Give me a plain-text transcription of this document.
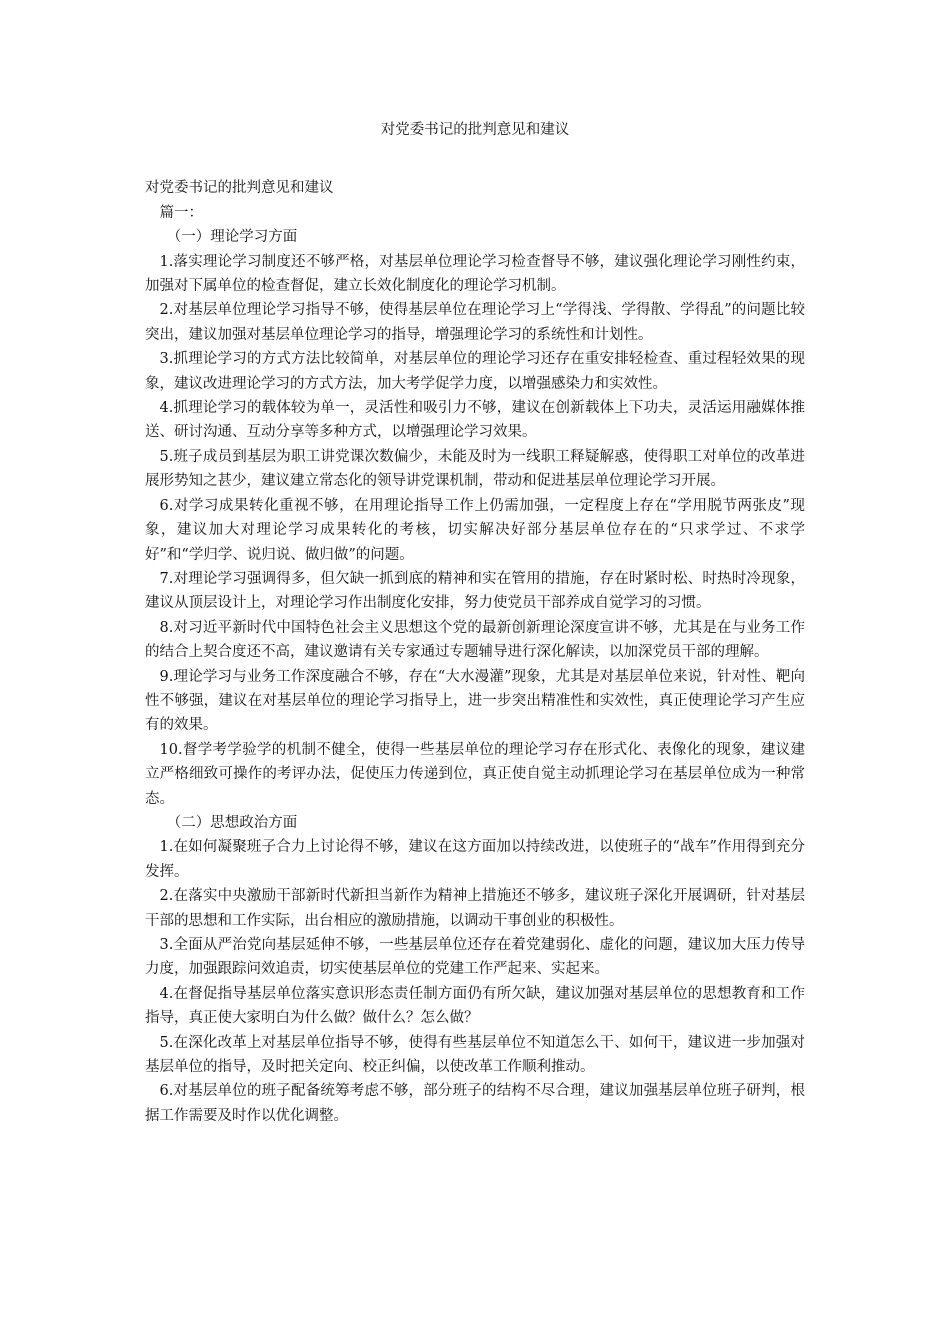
对党委书记的批判意见和建议

对党委书记的批判意见和建议

篇一：

（一）理论学习方面

1.落实理论学习制度还不够严格，对基层单位理论学习检查督导不够，建议强化理论学习刚性约束，加强对下属单位的检查督促，建立长效化制度化的理论学习机制。

2.对基层单位理论学习指导不够，使得基层单位在理论学习上“学得浅、学得散、学得乱”的问题比较突出，建议加强对基层单位理论学习的指导，增强理论学习的系统性和计划性。

3.抓理论学习的方式方法比较简单，对基层单位的理论学习还存在重安排轻检查、重过程轻效果的现象，建议改进理论学习的方式方法，加大考学促学力度，以增强感染力和实效性。

4.抓理论学习的载体较为单一，灵活性和吸引力不够，建议在创新载体上下功夫，灵活运用融媒体推送、研讨沟通、互动分享等多种方式，以增强理论学习效果。

5.班子成员到基层为职工讲党课次数偏少，未能及时为一线职工释疑解惑，使得职工对单位的改革进展形势知之甚少，建议建立常态化的领导讲党课机制，带动和促进基层单位理论学习开展。

6.对学习成果转化重视不够，在用理论指导工作上仍需加强，一定程度上存在“学用脱节两张皮”现象，建议加大对理论学习成果转化的考核，切实解决好部分基层单位存在的“只求学过、不求学好”和“学归学、说归说、做归做”的问题。

7.对理论学习强调得多，但欠缺一抓到底的精神和实在管用的措施，存在时紧时松、时热时冷现象，建议从顶层设计上，对理论学习作出制度化安排，努力使党员干部养成自觉学习的习惯。

8.对习近平新时代中国特色社会主义思想这个党的最新创新理论深度宣讲不够，尤其是在与业务工作的结合上契合度还不高，建议邀请有关专家通过专题辅导进行深化解读，以加深党员干部的理解。

9.理论学习与业务工作深度融合不够，存在“大水漫灌”现象，尤其是对基层单位来说，针对性、靶向性不够强，建议在对基层单位的理论学习指导上，进一步突出精准性和实效性，真正使理论学习产生应有的效果。

10.督学考学验学的机制不健全，使得一些基层单位的理论学习存在形式化、表像化的现象，建议建立严格细致可操作的考评办法，促使压力传递到位，真正使自觉主动抓理论学习在基层单位成为一种常态。

（二）思想政治方面

1.在如何凝聚班子合力上讨论得不够，建议在这方面加以持续改进，以使班子的“战车”作用得到充分发挥。

2.在落实中央激励干部新时代新担当新作为精神上措施还不够多，建议班子深化开展调研，针对基层干部的思想和工作实际，出台相应的激励措施，以调动干事创业的积极性。

3.全面从严治党向基层延伸不够，一些基层单位还存在着党建弱化、虚化的问题，建议加大压力传导力度，加强跟踪问效追责，切实使基层单位的党建工作严起来、实起来。

4.在督促指导基层单位落实意识形态责任制方面仍有所欠缺，建议加强对基层单位的思想教育和工作指导，真正使大家明白为什么做？做什么？怎么做？

5.在深化改革上对基层单位指导不够，使得有些基层单位不知道怎么干、如何干，建议进一步加强对基层单位的指导，及时把关定向、校正纠偏，以使改革工作顺利推动。

6.对基层单位的班子配备统筹考虑不够，部分班子的结构不尽合理，建议加强基层单位班子研判，根据工作需要及时作以优化调整。
